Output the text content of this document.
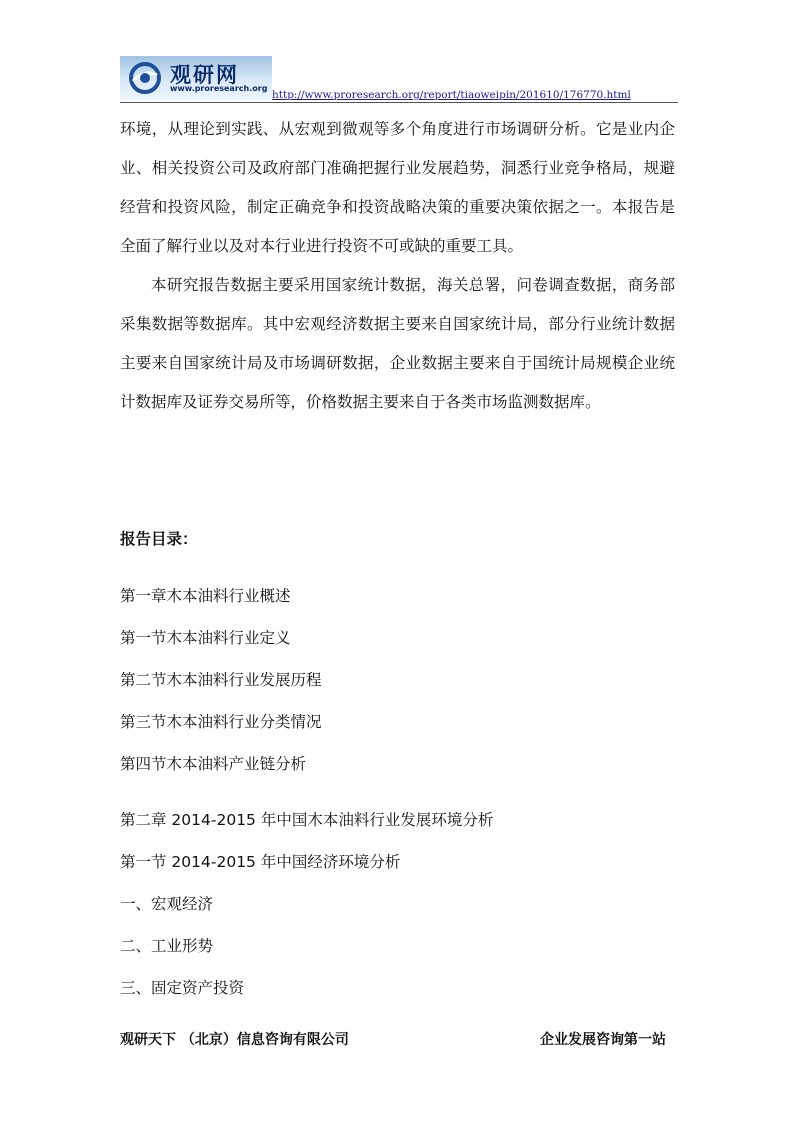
观研网
www.proresearch.org
http://www.proresearch.org/report/tiaoweipin/201610/176770.html

环境，从理论到实践、从宏观到微观等多个角度进行市场调研分析。它是业内企业、相关投资公司及政府部门准确把握行业发展趋势，洞悉行业竞争格局，规避经营和投资风险，制定正确竞争和投资战略决策的重要决策依据之一。本报告是全面了解行业以及对本行业进行投资不可或缺的重要工具。

本研究报告数据主要采用国家统计数据，海关总署，问卷调查数据，商务部采集数据等数据库。其中宏观经济数据主要来自国家统计局，部分行业统计数据主要来自国家统计局及市场调研数据，企业数据主要来自于国统计局规模企业统计数据库及证券交易所等，价格数据主要来自于各类市场监测数据库。

报告目录：
第一章木本油料行业概述
第一节木本油料行业定义
第二节木本油料行业发展历程
第三节木本油料行业分类情况
第四节木本油料产业链分析
第二章 2014-2015 年中国木本油料行业发展环境分析
第一节 2014-2015 年中国经济环境分析
一、宏观经济
二、工业形势
三、固定资产投资
观研天下 （北京）信息咨询有限公司	企业发展咨询第一站
